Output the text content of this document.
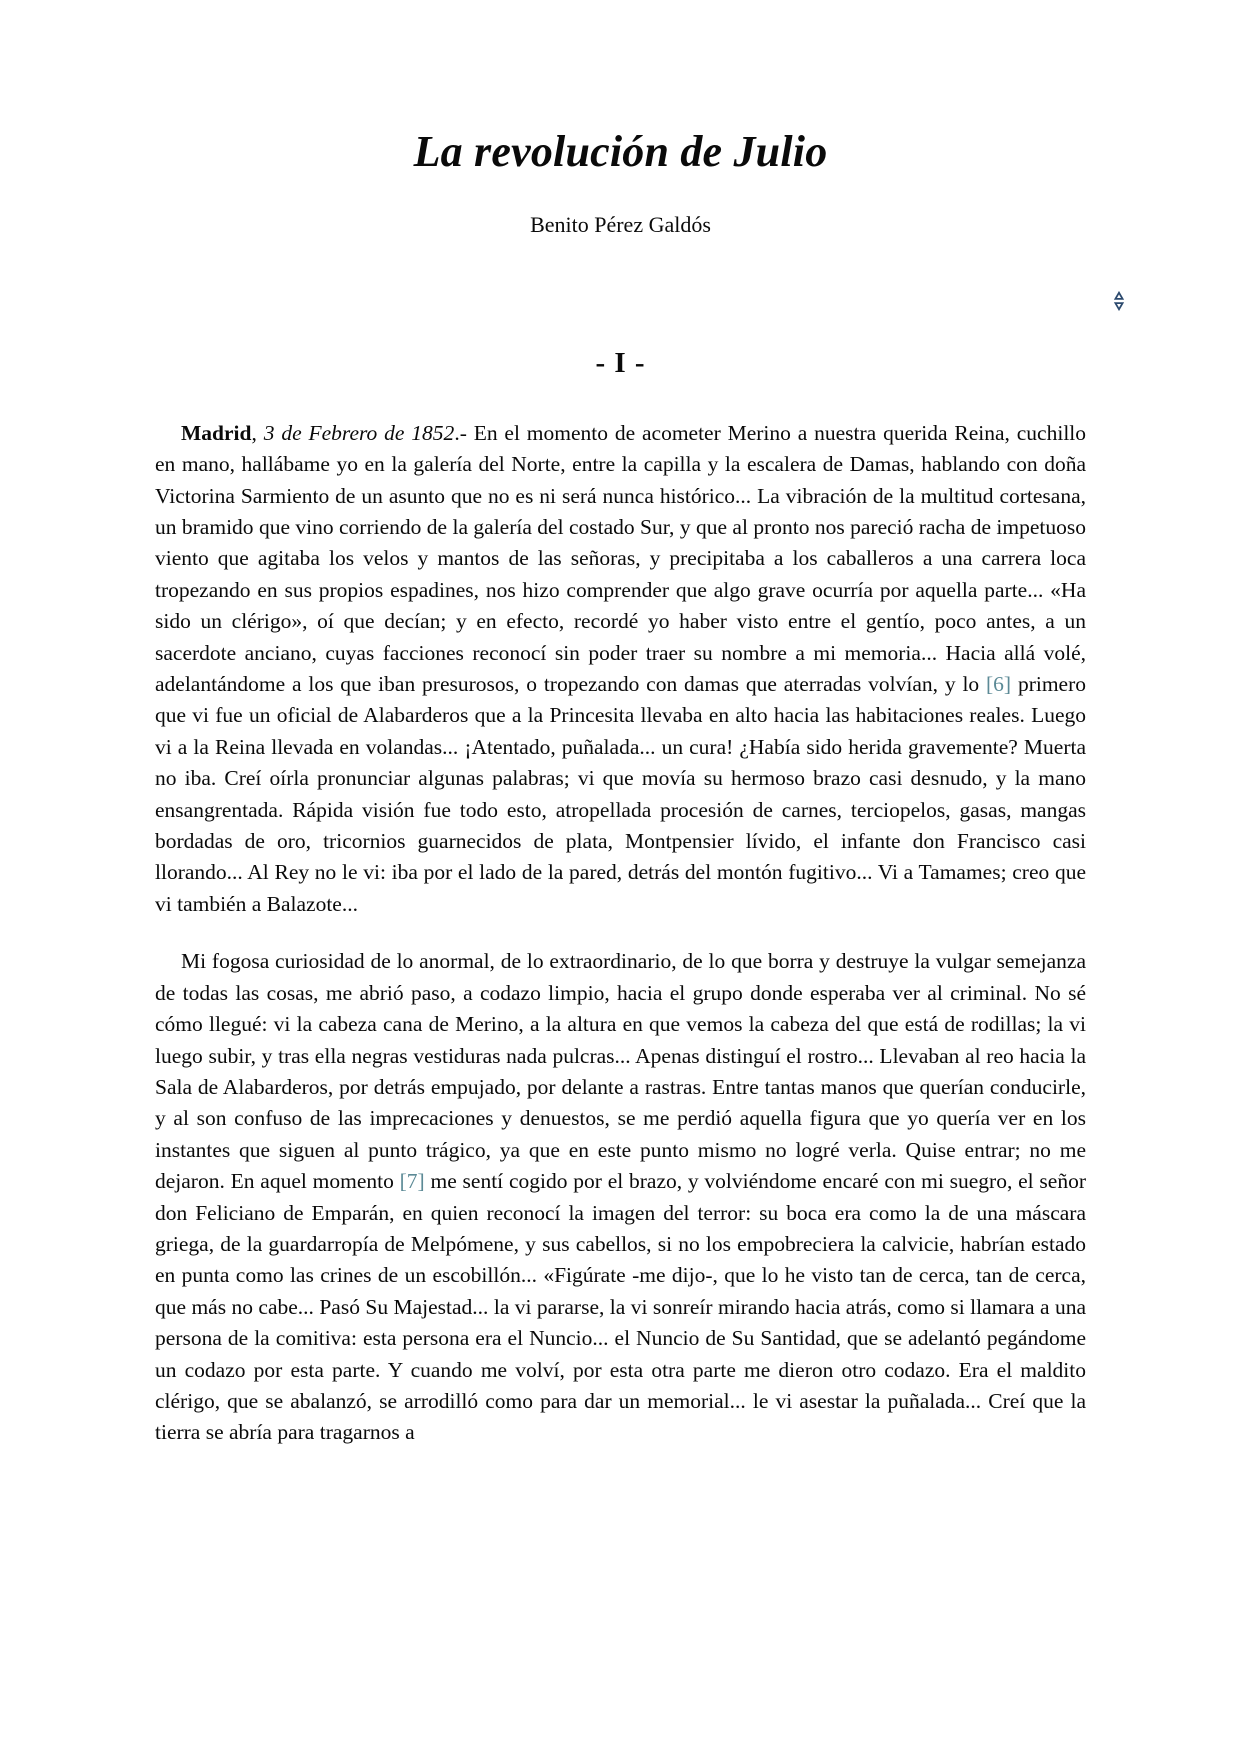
La revolución de Julio

Benito Pérez Galdós

- I -

Madrid, 3 de Febrero de 1852.- En el momento de acometer Merino a nuestra querida Reina, cuchillo en mano, hallábame yo en la galería del Norte, entre la capilla y la escalera de Damas, hablando con doña Victorina Sarmiento de un asunto que no es ni será nunca histórico... La vibración de la multitud cortesana, un bramido que vino corriendo de la galería del costado Sur, y que al pronto nos pareció racha de impetuoso viento que agitaba los velos y mantos de las señoras, y precipitaba a los caballeros a una carrera loca tropezando en sus propios espadines, nos hizo comprender que algo grave ocurría por aquella parte... «Ha sido un clérigo», oí que decían; y en efecto, recordé yo haber visto entre el gentío, poco antes, a un sacerdote anciano, cuyas facciones reconocí sin poder traer su nombre a mi memoria... Hacia allá volé, adelantándome a los que iban presurosos, o tropezando con damas que aterradas volvían, y lo [6] primero que vi fue un oficial de Alabarderos que a la Princesita llevaba en alto hacia las habitaciones reales. Luego vi a la Reina llevada en volandas... ¡Atentado, puñalada... un cura! ¿Había sido herida gravemente? Muerta no iba. Creí oírla pronunciar algunas palabras; vi que movía su hermoso brazo casi desnudo, y la mano ensangrentada. Rápida visión fue todo esto, atropellada procesión de carnes, terciopelos, gasas, mangas bordadas de oro, tricornios guarnecidos de plata, Montpensier lívido, el infante don Francisco casi llorando... Al Rey no le vi: iba por el lado de la pared, detrás del montón fugitivo... Vi a Tamames; creo que vi también a Balazote...

Mi fogosa curiosidad de lo anormal, de lo extraordinario, de lo que borra y destruye la vulgar semejanza de todas las cosas, me abrió paso, a codazo limpio, hacia el grupo donde esperaba ver al criminal. No sé cómo llegué: vi la cabeza cana de Merino, a la altura en que vemos la cabeza del que está de rodillas; la vi luego subir, y tras ella negras vestiduras nada pulcras... Apenas distinguí el rostro... Llevaban al reo hacia la Sala de Alabarderos, por detrás empujado, por delante a rastras. Entre tantas manos que querían conducirle, y al son confuso de las imprecaciones y denuestos, se me perdió aquella figura que yo quería ver en los instantes que siguen al punto trágico, ya que en este punto mismo no logré verla. Quise entrar; no me dejaron. En aquel momento [7] me sentí cogido por el brazo, y volviéndome encaré con mi suegro, el señor don Feliciano de Emparán, en quien reconocí la imagen del terror: su boca era como la de una máscara griega, de la guardarropía de Melpómene, y sus cabellos, si no los empobreciera la calvicie, habrían estado en punta como las crines de un escobillón... «Figúrate -me dijo-, que lo he visto tan de cerca, tan de cerca, que más no cabe... Pasó Su Majestad... la vi pararse, la vi sonreír mirando hacia atrás, como si llamara a una persona de la comitiva: esta persona era el Nuncio... el Nuncio de Su Santidad, que se adelantó pegándome un codazo por esta parte. Y cuando me volví, por esta otra parte me dieron otro codazo. Era el maldito clérigo, que se abalanzó, se arrodilló como para dar un memorial... le vi asestar la puñalada... Creí que la tierra se abría para tragarnos a
